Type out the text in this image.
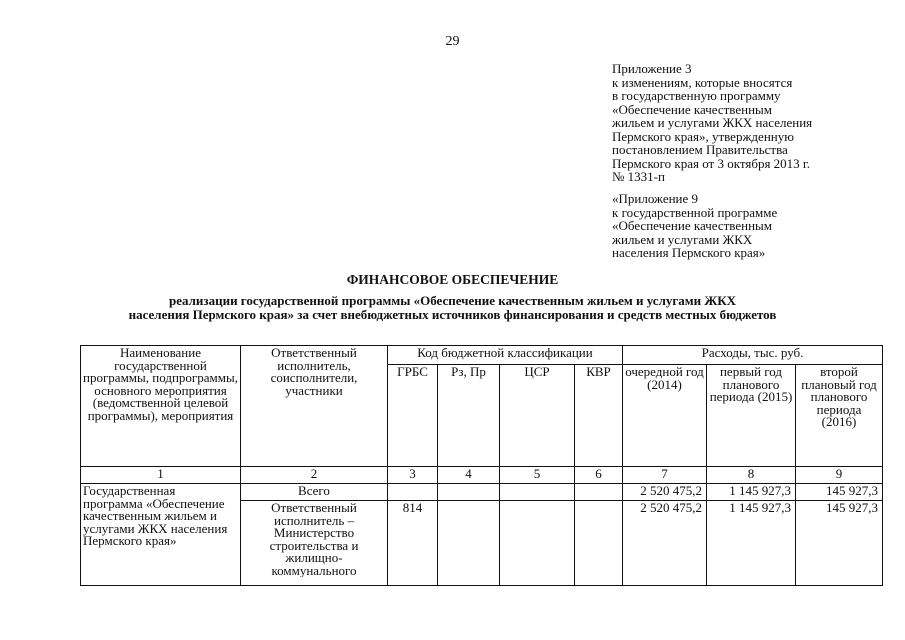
29
Приложение 3
к изменениям, которые вносятся
в государственную программу
«Обеспечение качественным
жильем и услугами ЖКХ населения
Пермского края», утвержденную
постановлением Правительства
Пермского края от 3 октября 2013 г.
№ 1331-п
«Приложение 9
к государственной программе
«Обеспечение качественным
жильем и услугами ЖКХ
населения Пермского края»
ФИНАНСОВОЕ ОБЕСПЕЧЕНИЕ
реализации государственной программы «Обеспечение качественным жильем и услугами ЖКХ
населения Пермского края» за счет внебюджетных источников финансирования и средств местных бюджетов
Наименование государственной программы, подпрограммы, основного мероприятия (ведомственной целевой программы), мероприятия	Ответственный исполнитель, соисполнители, участники	Код бюджетной классификации				Расходы, тыс. руб.		
		ГРБС	Рз, Пр	ЦСР	КВР	очередной год (2014)	первый год планового периода (2015)	второй плановый год планового периода (2016)
1	2	3	4	5	6	7	8	9
Государственная программа «Обеспечение качественным жильем и услугами ЖКХ населения Пермского края»	Всего					2 520 475,2	1 145 927,3	145 927,3

	Ответственный исполнитель – Министерство строительства и жилищно-коммунального	814				2 520 475,2	1 145 927,3	145 927,3
